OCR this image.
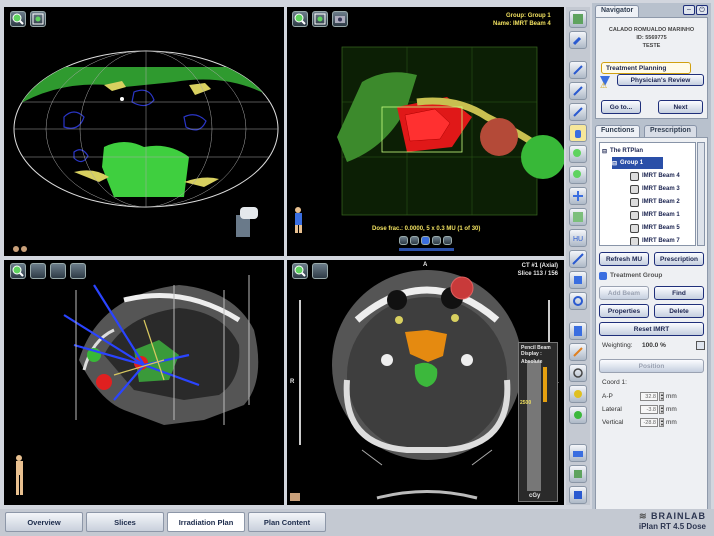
Group: Group 1
Name: IMRT Beam 4
Dose frac.: 0.0000, 5 x 0.3 MU (1 of 30)
A
R
CT #1 (Axial)
Slice 113 / 156
Pencil Beam
Display : Absolute
2500
cGy
HU
Navigator	–	⏻
CALADO ROMUALDO MARINHO
ID: 5569775
TESTE
Treatment Planning
⚠
Physician's Review
Go to...	Next
Functions	Prescription
⊟ The RTPlan
⊟ Group 1
IMRT Beam 4
IMRT Beam 3
IMRT Beam 2
IMRT Beam 1
IMRT Beam 5
IMRT Beam 7
Refresh MU	Prescription
Treatment Group
Add Beam	Find
Properties	Delete
Reset IMRT
Weighting: 100.0 %
Position
Coord 1:
A-P	32.8	▲
▼ mm
Lateral	-3.8	▲
▼ mm
Vertical	-28.8	▲
▼ mm
Overview	Slices	Irradiation Plan	Plan Content
≋ BRAINLAB
iPlan RT 4.5 Dose
